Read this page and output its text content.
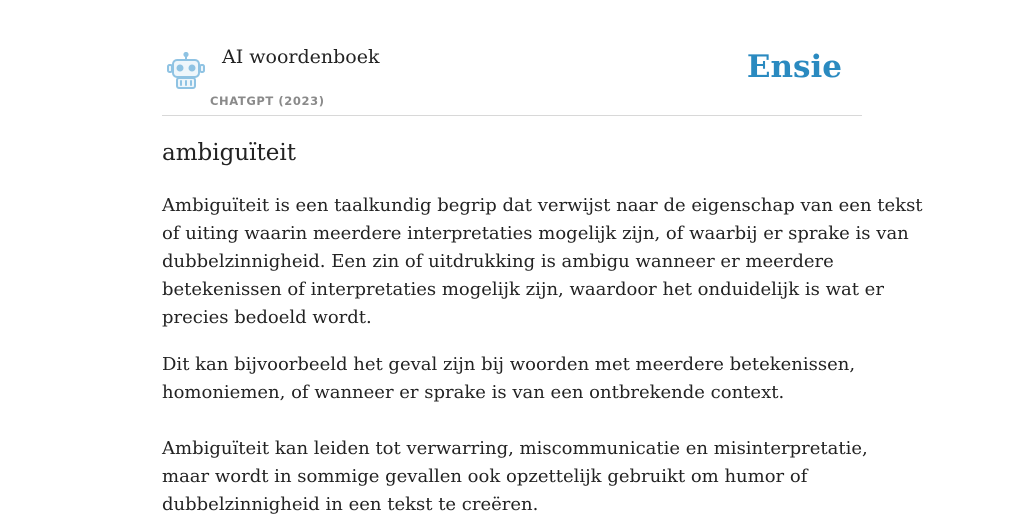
AI woordenboek
CHATGPT (2023)
Ensie
ambiguïteit

Ambiguïteit is een taalkundig begrip dat verwijst naar de eigenschap van een tekst

of uiting waarin meerdere interpretaties mogelijk zijn, of waarbij er sprake is van

dubbelzinnigheid. Een zin of uitdrukking is ambigu wanneer er meerdere

betekenissen of interpretaties mogelijk zijn, waardoor het onduidelijk is wat er

precies bedoeld wordt.

Dit kan bijvoorbeeld het geval zijn bij woorden met meerdere betekenissen,

homoniemen, of wanneer er sprake is van een ontbrekende context.

Ambiguïteit kan leiden tot verwarring, miscommunicatie en misinterpretatie,

maar wordt in sommige gevallen ook opzettelijk gebruikt om humor of

dubbelzinnigheid in een tekst te creëren.
